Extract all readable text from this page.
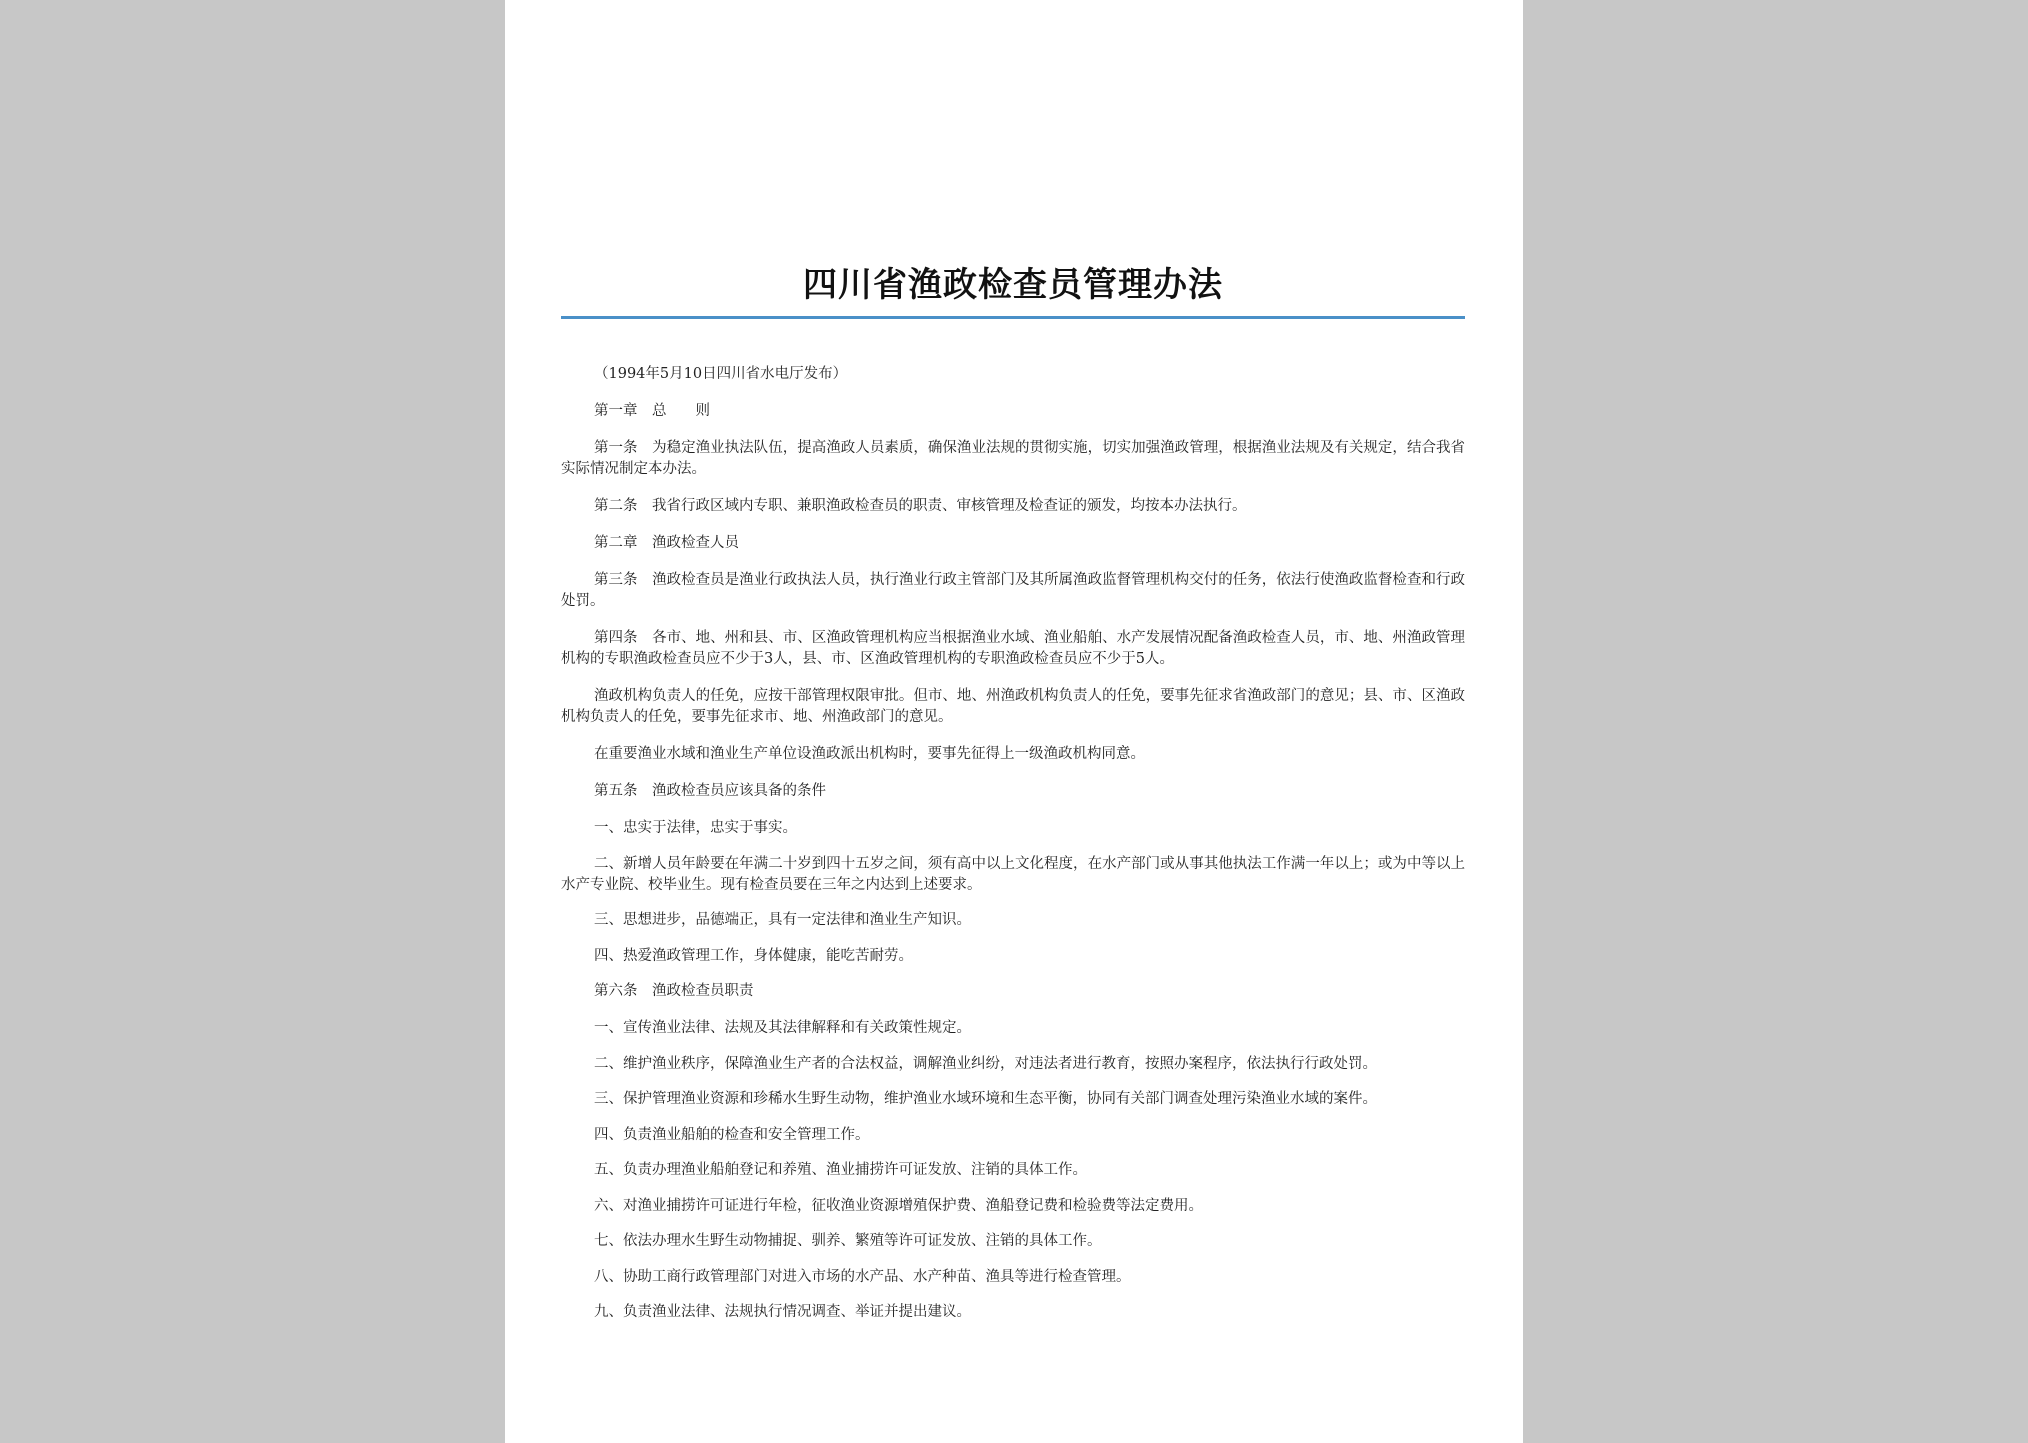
四川省渔政检查员管理办法

（1994年5月10日四川省水电厅发布）

第一章　总　　则

第一条　为稳定渔业执法队伍，提高渔政人员素质，确保渔业法规的贯彻实施，切实加强渔政管理，根据渔业法规及有关规定，结合我省实际情况制定本办法。

第二条　我省行政区域内专职、兼职渔政检查员的职责、审核管理及检查证的颁发，均按本办法执行。

第二章　渔政检查人员

第三条　渔政检查员是渔业行政执法人员，执行渔业行政主管部门及其所属渔政监督管理机构交付的任务，依法行使渔政监督检查和行政处罚。

第四条　各市、地、州和县、市、区渔政管理机构应当根据渔业水域、渔业船舶、水产发展情况配备渔政检查人员，市、地、州渔政管理机构的专职渔政检查员应不少于3人，县、市、区渔政管理机构的专职渔政检查员应不少于5人。

渔政机构负责人的任免，应按干部管理权限审批。但市、地、州渔政机构负责人的任免，要事先征求省渔政部门的意见；县、市、区渔政机构负责人的任免，要事先征求市、地、州渔政部门的意见。

在重要渔业水域和渔业生产单位设渔政派出机构时，要事先征得上一级渔政机构同意。

第五条　渔政检查员应该具备的条件

一、忠实于法律，忠实于事实。

二、新增人员年龄要在年满二十岁到四十五岁之间，须有高中以上文化程度，在水产部门或从事其他执法工作满一年以上；或为中等以上水产专业院、校毕业生。现有检查员要在三年之内达到上述要求。

三、思想进步，品德端正，具有一定法律和渔业生产知识。

四、热爱渔政管理工作，身体健康，能吃苦耐劳。

第六条　渔政检查员职责

一、宣传渔业法律、法规及其法律解释和有关政策性规定。

二、维护渔业秩序，保障渔业生产者的合法权益，调解渔业纠纷，对违法者进行教育，按照办案程序，依法执行行政处罚。

三、保护管理渔业资源和珍稀水生野生动物，维护渔业水域环境和生态平衡，协同有关部门调查处理污染渔业水域的案件。

四、负责渔业船舶的检查和安全管理工作。

五、负责办理渔业船舶登记和养殖、渔业捕捞许可证发放、注销的具体工作。

六、对渔业捕捞许可证进行年检，征收渔业资源增殖保护费、渔船登记费和检验费等法定费用。

七、依法办理水生野生动物捕捉、驯养、繁殖等许可证发放、注销的具体工作。

八、协助工商行政管理部门对进入市场的水产品、水产种苗、渔具等进行检查管理。

九、负责渔业法律、法规执行情况调查、举证并提出建议。
